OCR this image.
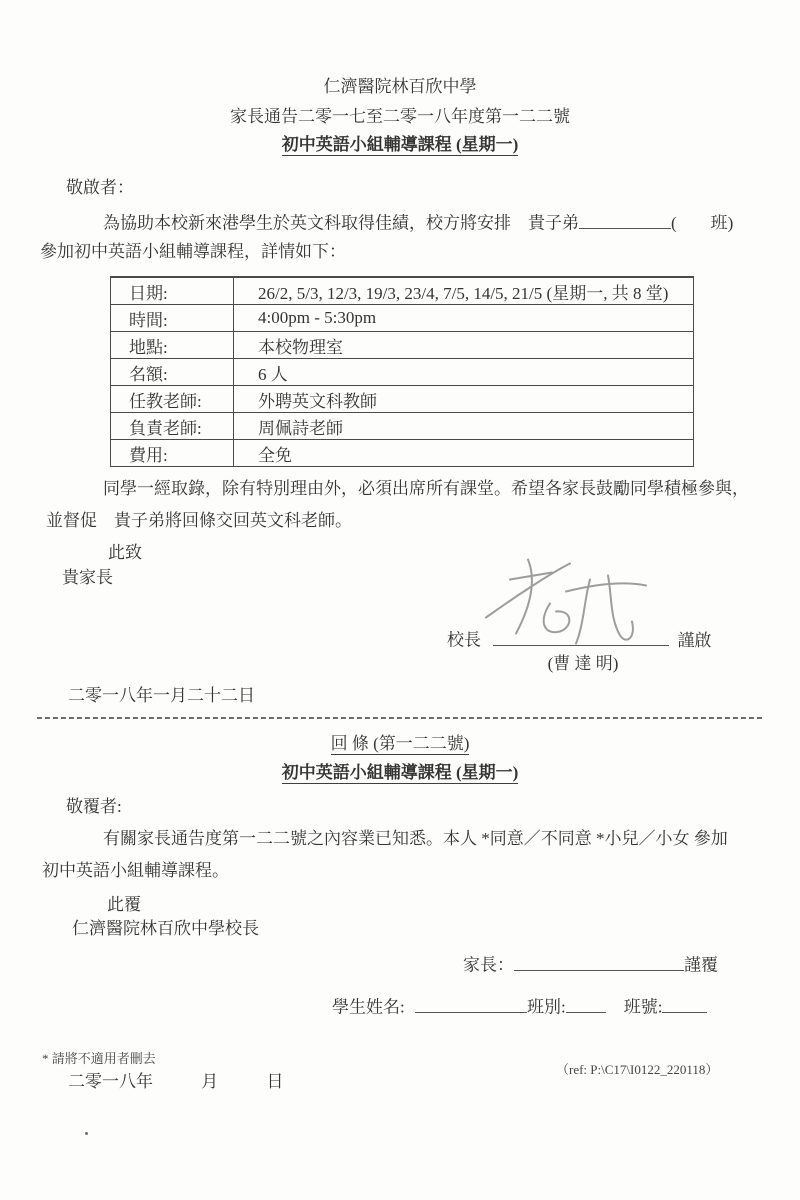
仁濟醫院林百欣中學
家長通告二零一七至二零一八年度第一二二號
初中英語小組輔導課程 (星期一)
敬啟者：
為協助本校新來港學生於英文科取得佳績，校方將安排　貴子弟	(　　班)
參加初中英語小組輔導課程，詳情如下：
日期:	26/2, 5/3, 12/3, 19/3, 23/4, 7/5, 14/5, 21/5 (星期一, 共 8 堂)
時間:	4:00pm - 5:30pm
地點:	本校物理室
名額:	6 人
任教老師:	外聘英文科教師
負責老師:	周佩詩老師
費用:	全免
同學一經取錄，除有特別理由外，必須出席所有課堂。希望各家長鼓勵同學積極參與，
並督促　貴子弟將回條交回英文科老師。
此致
貴家長
校長	謹啟
(曹 達 明)
二零一八年一月二十二日
回 條 (第一二二號)
初中英語小組輔導課程 (星期一)
敬覆者:
有關家長通告度第一二二號之內容業已知悉。本人 *同意／不同意 *小兒／小女 參加
初中英語小組輔導課程。
此覆
仁濟醫院林百欣中學校長
家長：	謹覆
學生姓名:	班別:	班號:
* 請將不適用者刪去
二零一八年	月	日
（ref: P:\C17\I0122_220118）
